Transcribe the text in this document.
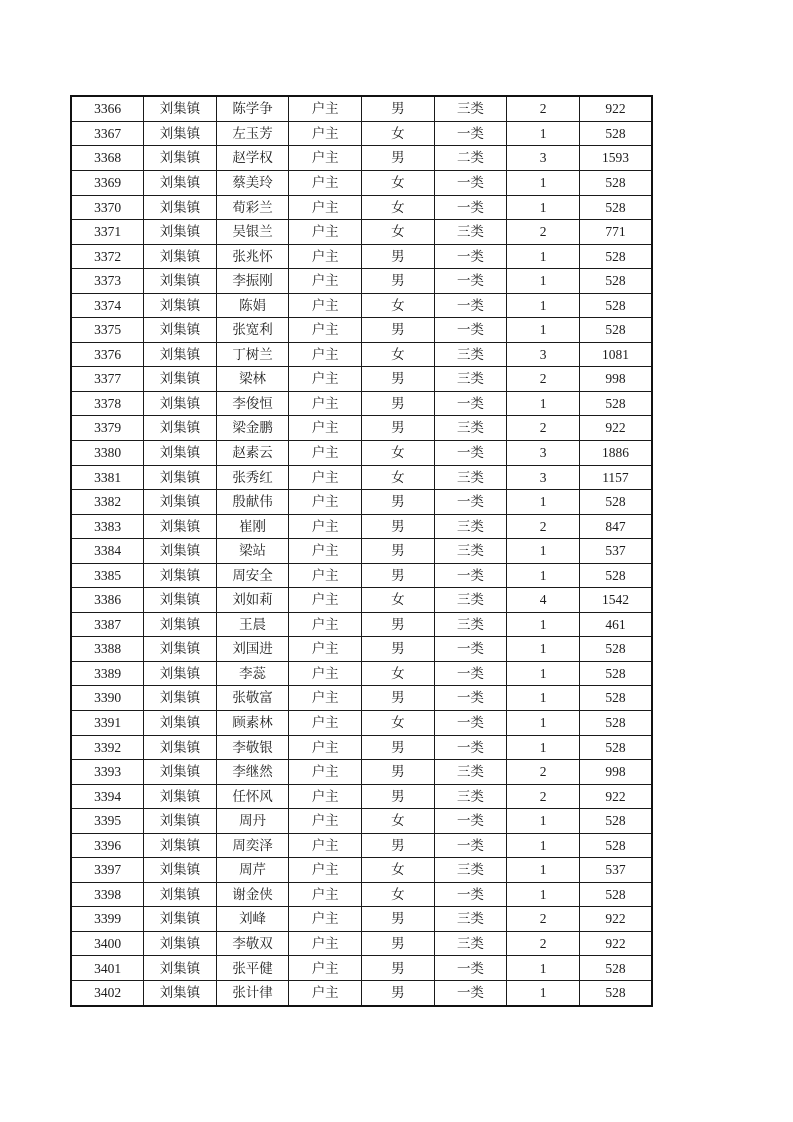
3366	刘集镇	陈学争	户主	男	三类	2	922
3367	刘集镇	左玉芳	户主	女	一类	1	528
3368	刘集镇	赵学权	户主	男	二类	3	1593
3369	刘集镇	蔡美玲	户主	女	一类	1	528
3370	刘集镇	荀彩兰	户主	女	一类	1	528
3371	刘集镇	吴银兰	户主	女	三类	2	771
3372	刘集镇	张兆怀	户主	男	一类	1	528
3373	刘集镇	李振刚	户主	男	一类	1	528
3374	刘集镇	陈娟	户主	女	一类	1	528
3375	刘集镇	张宽利	户主	男	一类	1	528
3376	刘集镇	丁树兰	户主	女	三类	3	1081
3377	刘集镇	梁林	户主	男	三类	2	998
3378	刘集镇	李俊恒	户主	男	一类	1	528
3379	刘集镇	梁金鹏	户主	男	三类	2	922
3380	刘集镇	赵素云	户主	女	一类	3	1886
3381	刘集镇	张秀红	户主	女	三类	3	1157
3382	刘集镇	殷献伟	户主	男	一类	1	528
3383	刘集镇	崔刚	户主	男	三类	2	847
3384	刘集镇	梁站	户主	男	三类	1	537
3385	刘集镇	周安全	户主	男	一类	1	528
3386	刘集镇	刘如莉	户主	女	三类	4	1542
3387	刘集镇	王晨	户主	男	三类	1	461
3388	刘集镇	刘国进	户主	男	一类	1	528
3389	刘集镇	李蕊	户主	女	一类	1	528
3390	刘集镇	张敬富	户主	男	一类	1	528
3391	刘集镇	顾素林	户主	女	一类	1	528
3392	刘集镇	李敬银	户主	男	一类	1	528
3393	刘集镇	李继然	户主	男	三类	2	998
3394	刘集镇	任怀风	户主	男	三类	2	922
3395	刘集镇	周丹	户主	女	一类	1	528
3396	刘集镇	周奕泽	户主	男	一类	1	528
3397	刘集镇	周芹	户主	女	三类	1	537
3398	刘集镇	谢金侠	户主	女	一类	1	528
3399	刘集镇	刘峰	户主	男	三类	2	922
3400	刘集镇	李敬双	户主	男	三类	2	922
3401	刘集镇	张平健	户主	男	一类	1	528
3402	刘集镇	张计律	户主	男	一类	1	528
